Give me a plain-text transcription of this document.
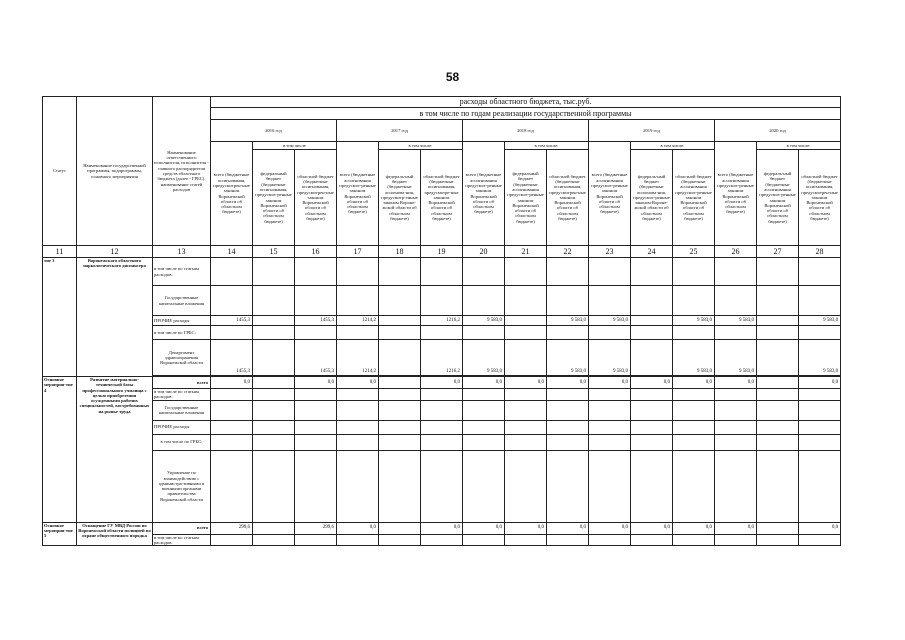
58
Статус	Наименование государственной программы, подпрограммы, основного мероприятия	Наименование ответственного исполнителя, исполнителя - главного распорядителя средств областного бюджета (далее - ГРБС), наименование статей расходов	расходы областного бюджета, тыс.руб.														
			в том числе по годам реализации государственной программы														
			2016 год			2017 год			2018 год			2019 год			2020 год		
			всего (бюджетные ассигнования, предусмотрен-ные законом Воронежской области об областном бюджете)	в том числе		всего (бюджетные ассигнования предусмот-ренные законом Воронежской области об областном бюджете)	в том числе:		всего (бюджетные ассигнования предусмот-ренные законом Воронежской области об областном бюджете)	в том числе:		всего (бюджетные ассигнования предусмот-ренные законом Воронежской области об областном бюджете)	в том числе:		всего (бюджетные ассигнования предусмот-ренные законом Воронежской области об областном бюджете)	в том числе:	
				федеральный бюджет (бюджетные ассигнования, предусмот-ренные законом Воронежской области об областном бюджете)	областной бюджет (бюджетные ассигнования, предусмотрен-ные законом Воронежской области об областном бюджете)		федераль-ный бюджет (бюджетные ассигнова-ния, предусмотр-енные законом Вороне-жской области об областном бюджете)	областной бюджет (бюджетные ассигнования, предусмотре-ные законом Воронежской области об областном бюджете)		федеральный бюджет (бюджетные ассигнования предусмот-ренные законом Воронежской области об областном бюджете)	областной бюджет (бюджетные ассигнования, предусмотрен-ные законом Воронежской области об областном бюджете)		федераль-ный бюджет (бюджетные ассигнова-ния, предусмот-ренные законом Вороне-жской области об областном бюджете)	областной бюджет (бюджетные ассигнования предусмот-ренные законом Воронежской области об областном бюджете)		федераль-ный бюджет (бюджетные ассигнования предусмот-ренные законом Воронежской области об областном бюджете)	областной бюджет (бюджетные ассигнования, предусмотрен-ные законом Воронежской области об областном бюджете)
11	12	13	14	15	16	17	18	19	20	21	22	23	24	25	26	27	28
тие 3	Воронежского областного наркологического диспансера	в том числе по статьям расходов:															
		Государственные капитальные вложения															
		ПРОЧИЕ расходы	1455,3		1455,3	1214,2		1216,2	9 583,0		9 583,0	9 583,0		9 583,0	9 583,0		9 583,0
		в том числе по ГРБС:															
		Департамент здравоохранения Воронежской области	1455,3		1455,3	1214,2		1216,2	9 583,0		9 583,0	9 583,0		9 583,0	9 583,0		9 583,0

Основное мероприя-тие 4	Развитие материально-технической базы профессионального училища с целью приобретения осужденными рабочих специальностей, востребованных на рынке труда	всего	0,0		0,0	0,0		0,0	0,0	0,0	0,0	0,0	0,0	0,0	0,0		0,0
		в том числе по статьям расходов:															
		Государственные капитальные вложения															
		ПРОЧИЕ расходы															
		в том числе по ГРБС:															
		Управление по взаимодействию с администра-тивными и военными органами правительства Воронежской области															
Основное мероприя-тие 5	Оснащение ГУ МВД России по Воронежской области полицией по охране общественного порядка	всего	299,6		299,6	0,0		0,0	0,0	0,0	0,0	0,0	0,0	0,0	0,0		0,0
		в том числе по статьям расходов:															
